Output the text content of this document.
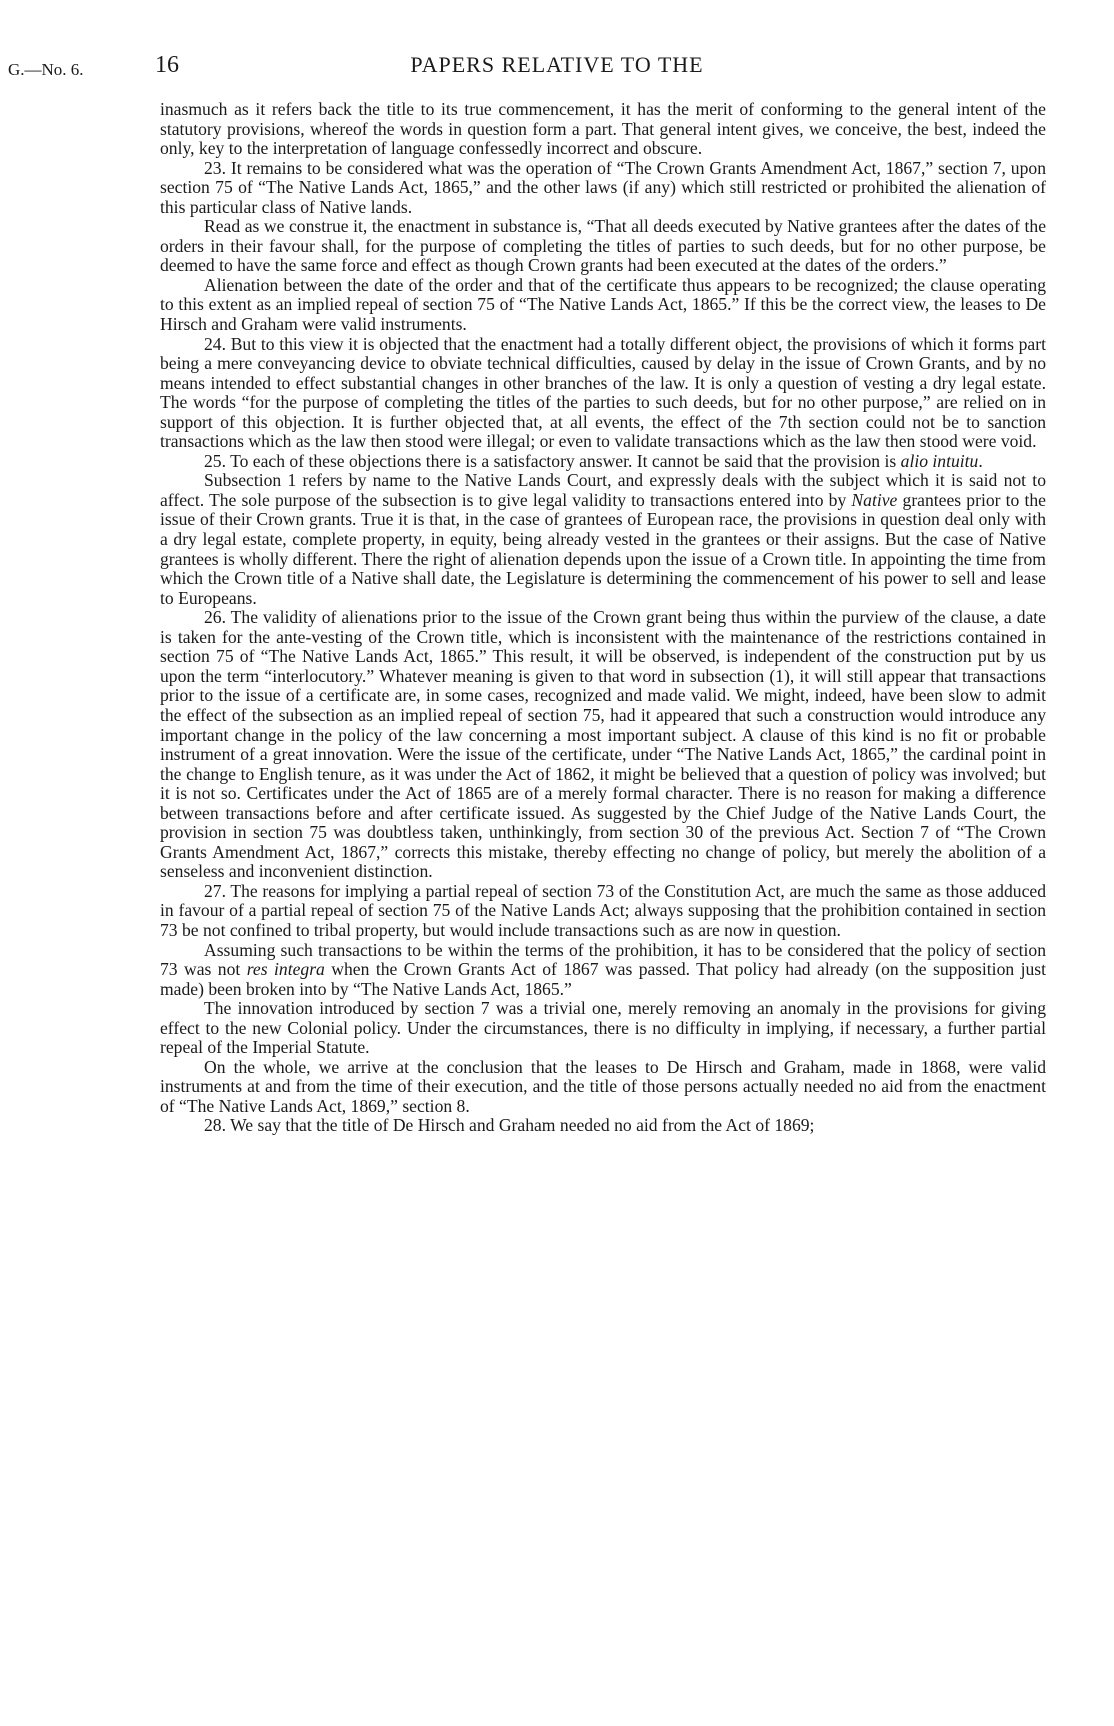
G.—No. 6.	16	PAPERS RELATIVE TO THE

inasmuch as it refers back the title to its true commencement, it has the merit of conforming to the general intent of the statutory provisions, whereof the words in question form a part. That general intent gives, we conceive, the best, indeed the only, key to the interpretation of language confessedly incorrect and obscure.

23. It remains to be considered what was the operation of “The Crown Grants Amendment Act, 1867,” section 7, upon section 75 of “The Native Lands Act, 1865,” and the other laws (if any) which still restricted or prohibited the alienation of this particular class of Native lands.

Read as we construe it, the enactment in substance is, “That all deeds executed by Native grantees after the dates of the orders in their favour shall, for the purpose of completing the titles of parties to such deeds, but for no other purpose, be deemed to have the same force and effect as though Crown grants had been executed at the dates of the orders.”

Alienation between the date of the order and that of the certificate thus appears to be recognized; the clause operating to this extent as an implied repeal of section 75 of “The Native Lands Act, 1865.” If this be the correct view, the leases to De Hirsch and Graham were valid instruments.

24. But to this view it is objected that the enactment had a totally different object, the provisions of which it forms part being a mere conveyancing device to obviate technical difficulties, caused by delay in the issue of Crown Grants, and by no means intended to effect substantial changes in other branches of the law. It is only a question of vesting a dry legal estate. The words “for the purpose of completing the titles of the parties to such deeds, but for no other purpose,” are relied on in support of this objection. It is further objected that, at all events, the effect of the 7th section could not be to sanction transactions which as the law then stood were illegal; or even to validate transactions which as the law then stood were void.

25. To each of these objections there is a satisfactory answer. It cannot be said that the provision is alio intuitu.

Subsection 1 refers by name to the Native Lands Court, and expressly deals with the subject which it is said not to affect. The sole purpose of the subsection is to give legal validity to transactions entered into by Native grantees prior to the issue of their Crown grants. True it is that, in the case of grantees of European race, the provisions in question deal only with a dry legal estate, complete property, in equity, being already vested in the grantees or their assigns. But the case of Native grantees is wholly different. There the right of alienation depends upon the issue of a Crown title. In appointing the time from which the Crown title of a Native shall date, the Legislature is determining the commencement of his power to sell and lease to Europeans.

26. The validity of alienations prior to the issue of the Crown grant being thus within the purview of the clause, a date is taken for the ante-vesting of the Crown title, which is inconsistent with the maintenance of the restrictions contained in section 75 of “The Native Lands Act, 1865.” This result, it will be observed, is independent of the construction put by us upon the term “interlocutory.” Whatever meaning is given to that word in subsection (1), it will still appear that transactions prior to the issue of a certificate are, in some cases, recognized and made valid. We might, indeed, have been slow to admit the effect of the subsection as an implied repeal of section 75, had it appeared that such a construction would introduce any important change in the policy of the law concerning a most important subject. A clause of this kind is no fit or probable instrument of a great innovation. Were the issue of the certificate, under “The Native Lands Act, 1865,” the cardinal point in the change to English tenure, as it was under the Act of 1862, it might be believed that a question of policy was involved; but it is not so. Certificates under the Act of 1865 are of a merely formal character. There is no reason for making a difference between transactions before and after certificate issued. As suggested by the Chief Judge of the Native Lands Court, the provision in section 75 was doubtless taken, unthinkingly, from section 30 of the previous Act. Section 7 of “The Crown Grants Amendment Act, 1867,” corrects this mistake, thereby effecting no change of policy, but merely the abolition of a senseless and inconvenient distinction.

27. The reasons for implying a partial repeal of section 73 of the Constitution Act, are much the same as those adduced in favour of a partial repeal of section 75 of the Native Lands Act; always supposing that the prohibition contained in section 73 be not confined to tribal property, but would include transactions such as are now in question.

Assuming such transactions to be within the terms of the prohibition, it has to be considered that the policy of section 73 was not res integra when the Crown Grants Act of 1867 was passed. That policy had already (on the supposition just made) been broken into by “The Native Lands Act, 1865.”

The innovation introduced by section 7 was a trivial one, merely removing an anomaly in the provisions for giving effect to the new Colonial policy. Under the circumstances, there is no difficulty in implying, if necessary, a further partial repeal of the Imperial Statute.

On the whole, we arrive at the conclusion that the leases to De Hirsch and Graham, made in 1868, were valid instruments at and from the time of their execution, and the title of those persons actually needed no aid from the enactment of “The Native Lands Act, 1869,” section 8.

28. We say that the title of De Hirsch and Graham needed no aid from the Act of 1869;
